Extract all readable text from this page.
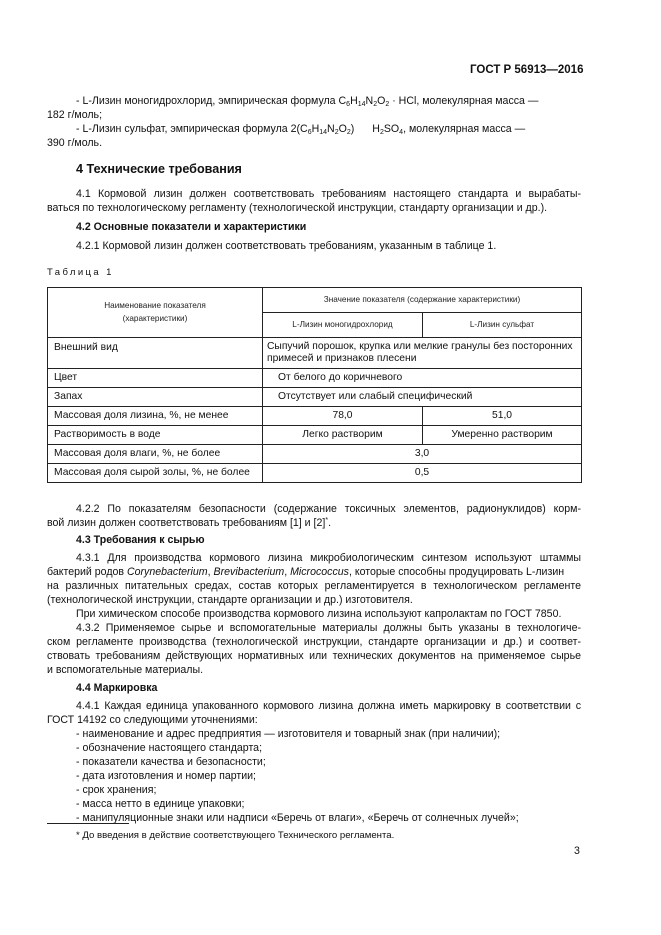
ГОСТ Р 56913—2016
- L-Лизин моногидрохлорид, эмпирическая формула $C_6H_{14}N_2O_2$ · HCl, молекулярная масса —
182 г/моль;
- L-Лизин сульфат, эмпирическая формула $2(C_6H_{14}N_2O_2)$ $H_2SO_4$, молекулярная масса —
390 г/моль.
4 Технические требования
4.1 Кормовой лизин должен соответствовать требованиям настоящего стандарта и вырабаты-
ваться по технологическому регламенту (технологической инструкции, стандарту организации и др.).
4.2 Основные показатели и характеристики
4.2.1 Кормовой лизин должен соответствовать требованиям, указанным в таблице 1.
Таблица 1
Наименование показателя
(характеристики)	Значение показателя (содержание характеристики)	
	L-Лизин моногидрохлорид	L-Лизин сульфат
Внешний вид	Сыпучий порошок, крупка или мелкие гранулы без посторонних примесей и признаков плесени	
Цвет	От белого до коричневого	
Запах	Отсутствует или слабый специфический	
Массовая доля лизина, %, не менее	78,0	51,0
Растворимость в воде	Легко растворим	Умеренно растворим
Массовая доля влаги, %, не более	3,0	
Массовая доля сырой золы, %, не более	0,5	
4.2.2 По показателям безопасности (содержание токсичных элементов, радионуклидов) корм-
вой лизин должен соответствовать требованиям [1] и [2]*.
4.3 Требования к сырью
4.3.1 Для производства кормового лизина микробиологическим синтезом используют штаммы
бактерий родов Corynebacterium, Brevibacterium, Micrococcus, которые способны продуцировать L-лизин
на различных питательных средах, состав которых регламентируется в технологическом регламенте
(технологической инструкции, стандарте организации и др.) изготовителя.
При химическом способе производства кормового лизина используют капролактам по ГОСТ 7850.
4.3.2 Применяемое сырье и вспомогательные материалы должны быть указаны в технологиче-
ском регламенте производства (технологической инструкции, стандарте организации и др.) и соответ-
ствовать требованиям действующих нормативных или технических документов на применяемое сырье
и вспомогательные материалы.
4.4 Маркировка
4.4.1 Каждая единица упакованного кормового лизина должна иметь маркировку в соответствии с
ГОСТ 14192 со следующими уточнениями:
- наименование и адрес предприятия — изготовителя и товарный знак (при наличии);
- обозначение настоящего стандарта;
- показатели качества и безопасности;
- дата изготовления и номер партии;
- срок хранения;
- масса нетто в единице упаковки;
- манипуляционные знаки или надписи «Беречь от влаги», «Беречь от солнечных лучей»;
* До введения в действие соответствующего Технического регламента.
3
